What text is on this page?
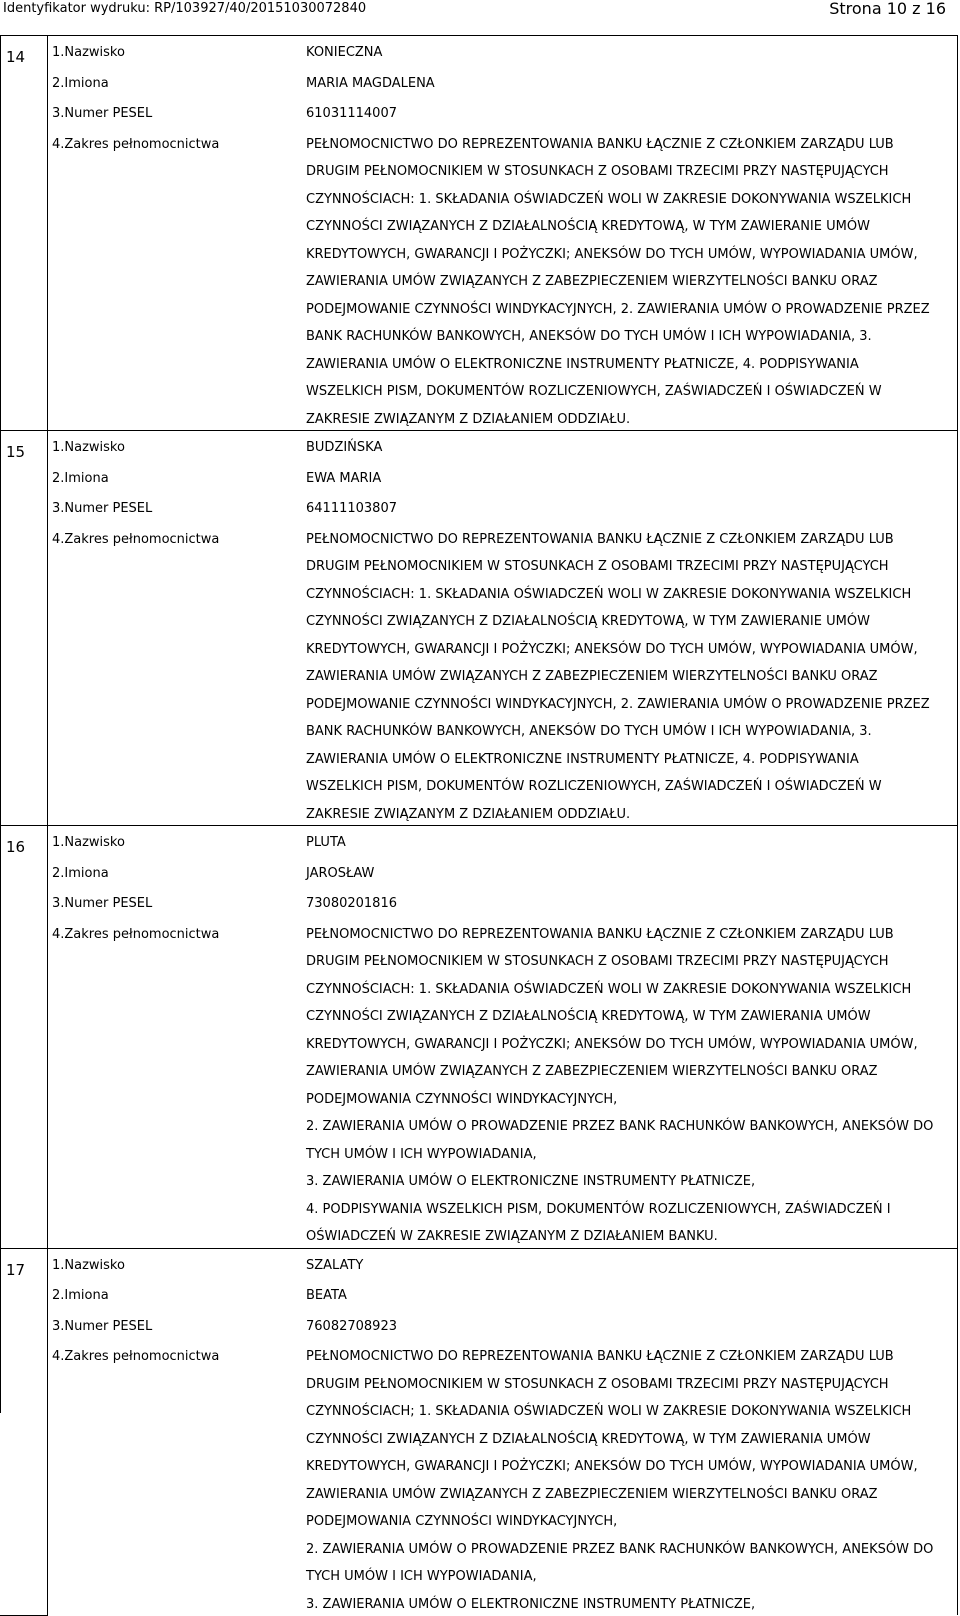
Identyfikator wydruku: RP/103927/40/20151030072840	Strona 10 z 16
14
		1.Nazwisko	KONIECZNA

2.Imiona	MARIA MAGDALENA

3.Numer PESEL	61031114007

4.Zakres pełnomocnictwa	PEŁNOMOCNICTWO DO REPREZENTOWANIA BANKU ŁĄCZNIE Z CZŁONKIEM ZARZĄDU LUB
DRUGIM PEŁNOMOCNIKIEM W STOSUNKACH Z OSOBAMI TRZECIMI PRZY NASTĘPUJĄCYCH
CZYNNOŚCIACH: 1. SKŁADANIA OŚWIADCZEŃ WOLI W ZAKRESIE DOKONYWANIA WSZELKICH
CZYNNOŚCI ZWIĄZANYCH Z DZIAŁALNOŚCIĄ KREDYTOWĄ, W TYM ZAWIERANIE UMÓW
KREDYTOWYCH, GWARANCJI I POŻYCZKI; ANEKSÓW DO TYCH UMÓW, WYPOWIADANIA UMÓW,
ZAWIERANIA UMÓW ZWIĄZANYCH Z ZABEZPIECZENIEM WIERZYTELNOŚCI BANKU ORAZ
PODEJMOWANIE CZYNNOŚCI WINDYKACYJNYCH, 2. ZAWIERANIA UMÓW O PROWADZENIE PRZEZ
BANK RACHUNKÓW BANKOWYCH, ANEKSÓW DO TYCH UMÓW I ICH WYPOWIADANIA, 3.
ZAWIERANIA UMÓW O ELEKTRONICZNE INSTRUMENTY PŁATNICZE, 4. PODPISYWANIA
WSZELKICH PISM, DOKUMENTÓW ROZLICZENIOWYCH, ZAŚWIADCZEŃ I OŚWIADCZEŃ W
ZAKRESIE ZWIĄZANYM Z DZIAŁANIEM ODDZIAŁU.

15
		1.Nazwisko	BUDZIŃSKA

2.Imiona	EWA MARIA

3.Numer PESEL	64111103807

4.Zakres pełnomocnictwa	PEŁNOMOCNICTWO DO REPREZENTOWANIA BANKU ŁĄCZNIE Z CZŁONKIEM ZARZĄDU LUB
DRUGIM PEŁNOMOCNIKIEM W STOSUNKACH Z OSOBAMI TRZECIMI PRZY NASTĘPUJĄCYCH
CZYNNOŚCIACH: 1. SKŁADANIA OŚWIADCZEŃ WOLI W ZAKRESIE DOKONYWANIA WSZELKICH
CZYNNOŚCI ZWIĄZANYCH Z DZIAŁALNOŚCIĄ KREDYTOWĄ, W TYM ZAWIERANIE UMÓW
KREDYTOWYCH, GWARANCJI I POŻYCZKI; ANEKSÓW DO TYCH UMÓW, WYPOWIADANIA UMÓW,
ZAWIERANIA UMÓW ZWIĄZANYCH Z ZABEZPIECZENIEM WIERZYTELNOŚCI BANKU ORAZ
PODEJMOWANIE CZYNNOŚCI WINDYKACYJNYCH, 2. ZAWIERANIA UMÓW O PROWADZENIE PRZEZ
BANK RACHUNKÓW BANKOWYCH, ANEKSÓW DO TYCH UMÓW I ICH WYPOWIADANIA, 3.
ZAWIERANIA UMÓW O ELEKTRONICZNE INSTRUMENTY PŁATNICZE, 4. PODPISYWANIA
WSZELKICH PISM, DOKUMENTÓW ROZLICZENIOWYCH, ZAŚWIADCZEŃ I OŚWIADCZEŃ W
ZAKRESIE ZWIĄZANYM Z DZIAŁANIEM ODDZIAŁU.

16
		1.Nazwisko	PLUTA

2.Imiona	JAROSŁAW

3.Numer PESEL	73080201816

4.Zakres pełnomocnictwa	PEŁNOMOCNICTWO DO REPREZENTOWANIA BANKU ŁĄCZNIE Z CZŁONKIEM ZARZĄDU LUB
DRUGIM PEŁNOMOCNIKIEM W STOSUNKACH Z OSOBAMI TRZECIMI PRZY NASTĘPUJĄCYCH
CZYNNOŚCIACH: 1. SKŁADANIA OŚWIADCZEŃ WOLI W ZAKRESIE DOKONYWANIA WSZELKICH
CZYNNOŚCI ZWIĄZANYCH Z DZIAŁALNOŚCIĄ KREDYTOWĄ, W TYM ZAWIERANIA UMÓW
KREDYTOWYCH, GWARANCJI I POŻYCZKI; ANEKSÓW DO TYCH UMÓW, WYPOWIADANIA UMÓW,
ZAWIERANIA UMÓW ZWIĄZANYCH Z ZABEZPIECZENIEM WIERZYTELNOŚCI BANKU ORAZ
PODEJMOWANIA CZYNNOŚCI WINDYKACYJNYCH,
2. ZAWIERANIA UMÓW O PROWADZENIE PRZEZ BANK RACHUNKÓW BANKOWYCH, ANEKSÓW DO
TYCH UMÓW I ICH WYPOWIADANIA,
3. ZAWIERANIA UMÓW O ELEKTRONICZNE INSTRUMENTY PŁATNICZE,
4. PODPISYWANIA WSZELKICH PISM, DOKUMENTÓW ROZLICZENIOWYCH, ZAŚWIADCZEŃ I
OŚWIADCZEŃ W ZAKRESIE ZWIĄZANYM Z DZIAŁANIEM BANKU.

17
		1.Nazwisko	SZALATY

2.Imiona	BEATA

3.Numer PESEL	76082708923

4.Zakres pełnomocnictwa	PEŁNOMOCNICTWO DO REPREZENTOWANIA BANKU ŁĄCZNIE Z CZŁONKIEM ZARZĄDU LUB
DRUGIM PEŁNOMOCNIKIEM W STOSUNKACH Z OSOBAMI TRZECIMI PRZY NASTĘPUJĄCYCH
CZYNNOŚCIACH; 1. SKŁADANIA OŚWIADCZEŃ WOLI W ZAKRESIE DOKONYWANIA WSZELKICH
CZYNNOŚCI ZWIĄZANYCH Z DZIAŁALNOŚCIĄ KREDYTOWĄ, W TYM ZAWIERANIA UMÓW
KREDYTOWYCH, GWARANCJI I POŻYCZKI; ANEKSÓW DO TYCH UMÓW, WYPOWIADANIA UMÓW,
ZAWIERANIA UMÓW ZWIĄZANYCH Z ZABEZPIECZENIEM WIERZYTELNOŚCI BANKU ORAZ
PODEJMOWANIA CZYNNOŚCI WINDYKACYJNYCH,
2. ZAWIERANIA UMÓW O PROWADZENIE PRZEZ BANK RACHUNKÓW BANKOWYCH, ANEKSÓW DO
TYCH UMÓW I ICH WYPOWIADANIA,
3. ZAWIERANIA UMÓW O ELEKTRONICZNE INSTRUMENTY PŁATNICZE,
